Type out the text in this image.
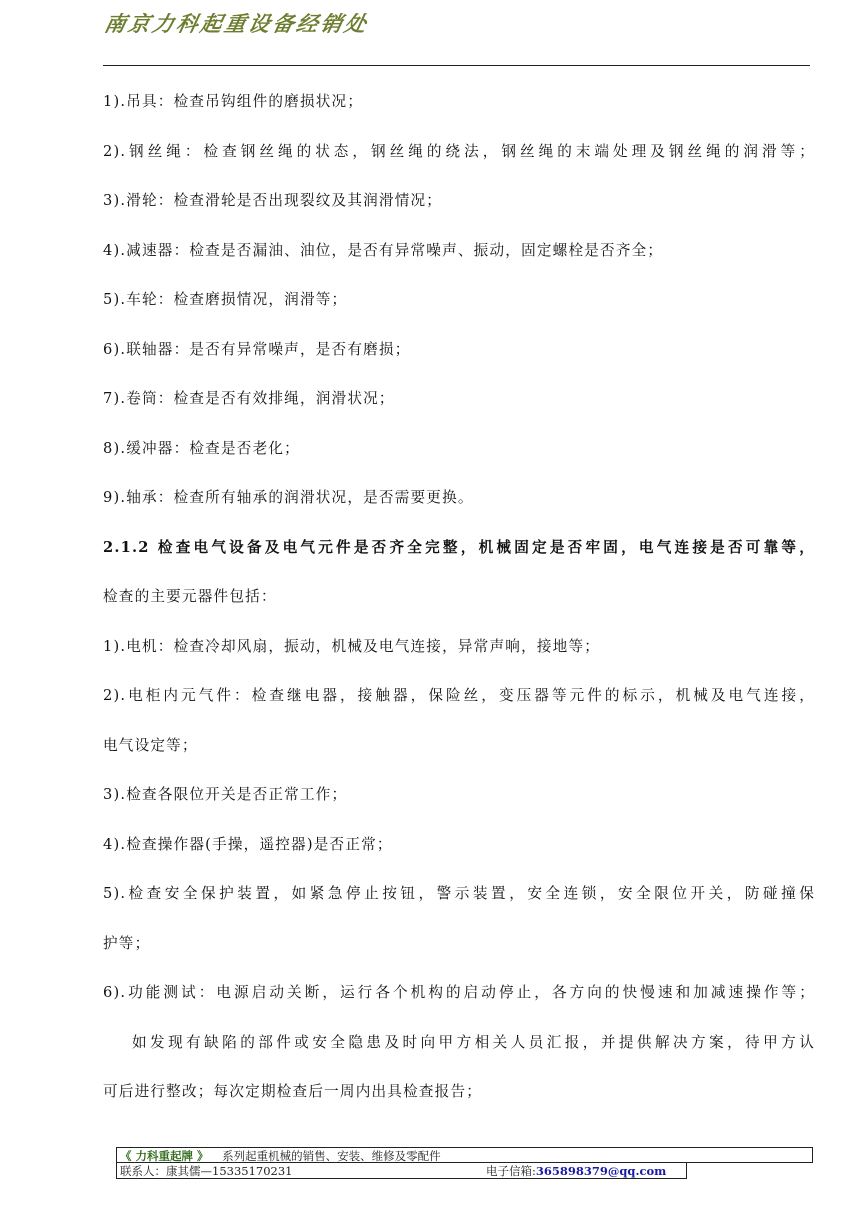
南京力科起重设备经销处
1).吊具：检查吊钩组件的磨损状况；
2).钢丝绳：检查钢丝绳的状态，钢丝绳的绕法，钢丝绳的末端处理及钢丝绳的润滑等；
3).滑轮：检查滑轮是否出现裂纹及其润滑情况；
4).减速器：检查是否漏油、油位，是否有异常噪声、振动，固定螺栓是否齐全；
5).车轮：检查磨损情况，润滑等；
6).联轴器：是否有异常噪声，是否有磨损；
7).卷筒：检查是否有效排绳，润滑状况；
8).缓冲器：检查是否老化；
9).轴承：检查所有轴承的润滑状况，是否需要更换。
2.1.2 检查电气设备及电气元件是否齐全完整，机械固定是否牢固，电气连接是否可靠等，
检查的主要元器件包括：
1).电机：检查冷却风扇，振动，机械及电气连接，异常声响，接地等；
2).电柜内元气件：检查继电器，接触器，保险丝，变压器等元件的标示，机械及电气连接，
电气设定等；
3).检查各限位开关是否正常工作；
4).检查操作器(手操，遥控器)是否正常；
5).检查安全保护装置，如紧急停止按钮，警示装置，安全连锁，安全限位开关，防碰撞保
护等；
6).功能测试：电源启动关断，运行各个机构的启动停止，各方向的快慢速和加减速操作等；
如发现有缺陷的部件或安全隐患及时向甲方相关人员汇报，并提供解决方案，待甲方认
可后进行整改；每次定期检查后一周内出具检查报告；
《 力科重起牌 》 系列起重机械的销售、安装、维修及零配件
联系人：康其儒—15335170231	电子信箱:365898379@qq.com
